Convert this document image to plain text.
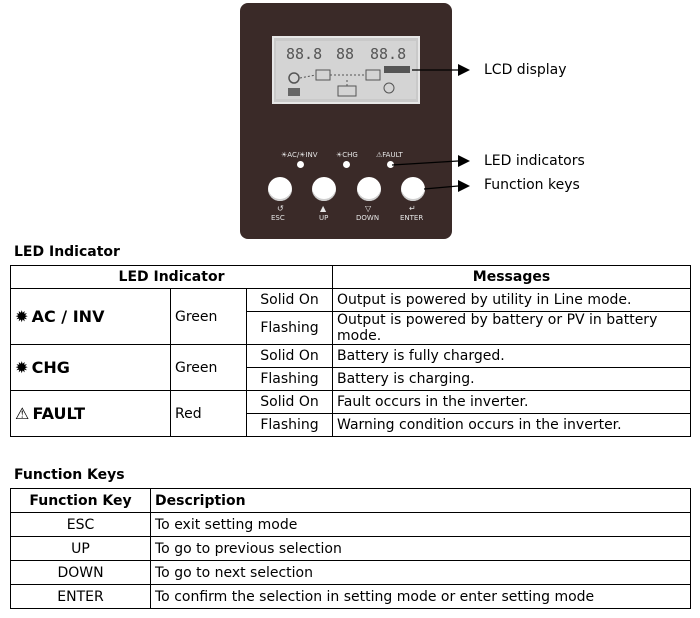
88.8 88 88.8
☀AC/☀INV	☀CHG	⚠FAULT
↺	▲	▽	↵
ESC	UP	DOWN	ENTER
LCD display
LED indicators
Function keys
LED Indicator
LED Indicator			Messages
✹  AC / INV	Green	Solid On	Output is powered by utility in Line mode.
		Flashing	Output is powered by battery or PV in battery mode.
✹  CHG	Green	Solid On	Battery is fully charged.
		Flashing	Battery is charging.
⚠  FAULT	Red	Solid On	Fault occurs in the inverter.
		Flashing	Warning condition occurs in the inverter.
Function Keys
Function Key	Description
ESC	To exit setting mode
UP	To go to previous selection
DOWN	To go to next selection
ENTER	To confirm the selection in setting mode or enter setting mode
